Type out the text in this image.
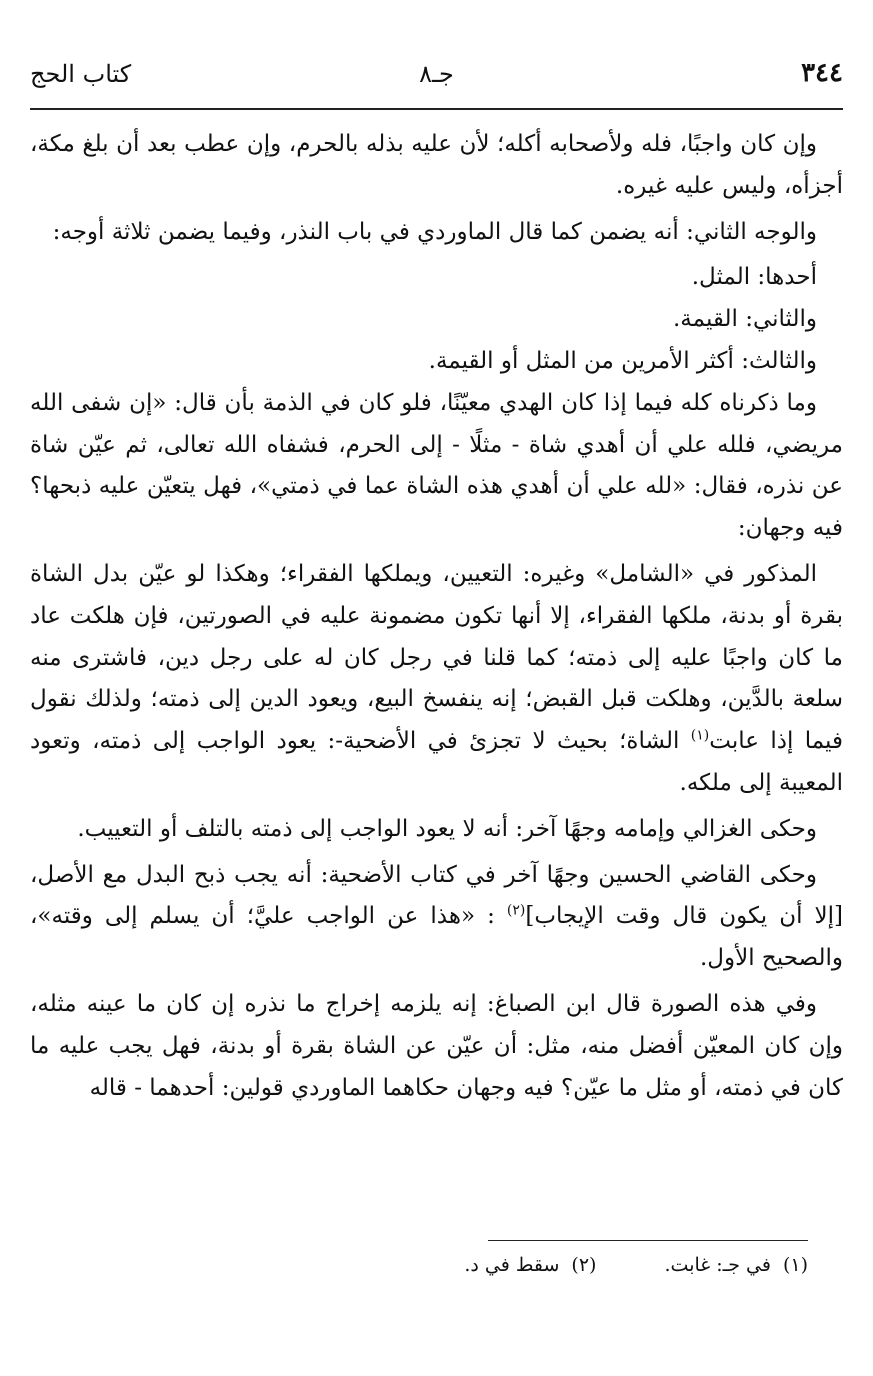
٣٤٤
جـ٨
كتاب الحج

وإن كان واجبًا، فله ولأصحابه أكله؛ لأن عليه بذله بالحرم، وإن عطب بعد أن بلغ مكة، أجزأه، وليس عليه غيره.

والوجه الثاني: أنه يضمن كما قال الماوردي في باب النذر، وفيما يضمن ثلاثة أوجه:

أحدها: المثل.

والثاني: القيمة.

والثالث: أكثر الأمرين من المثل أو القيمة.

وما ذكرناه كله فيما إذا كان الهدي معيّنًا، فلو كان في الذمة بأن قال: «إن شفى الله مريضي، فلله علي أن أهدي شاة - مثلًا - إلى الحرم، فشفاه الله تعالى، ثم عيّن شاة عن نذره، فقال: «لله علي أن أهدي هذه الشاة عما في ذمتي»، فهل يتعيّن عليه ذبحها؟ فيه وجهان:

المذكور في «الشامل» وغيره: التعيين، ويملكها الفقراء؛ وهكذا لو عيّن بدل الشاة بقرة أو بدنة، ملكها الفقراء، إلا أنها تكون مضمونة عليه في الصورتين، فإن هلكت عاد ما كان واجبًا عليه إلى ذمته؛ كما قلنا في رجل كان له على رجل دين، فاشترى منه سلعة بالدَّين، وهلكت قبل القبض؛ إنه ينفسخ البيع، ويعود الدين إلى ذمته؛ ولذلك نقول فيما إذا عابت$^{(١)}$ الشاة؛ بحيث لا تجزئ في الأضحية-: يعود الواجب إلى ذمته، وتعود المعيبة إلى ملكه.

وحكى الغزالي وإمامه وجهًا آخر: أنه لا يعود الواجب إلى ذمته بالتلف أو التعييب.

وحكى القاضي الحسين وجهًا آخر في كتاب الأضحية: أنه يجب ذبح البدل مع الأصل، [إلا أن يكون قال وقت الإيجاب]$^{(٢)}$ : «هذا عن الواجب عليَّ؛ أن يسلم إلى وقته»، والصحيح الأول.

وفي هذه الصورة قال ابن الصباغ: إنه يلزمه إخراج ما نذره إن كان ما عينه مثله، وإن كان المعيّن أفضل منه، مثل: أن عيّن عن الشاة بقرة أو بدنة، فهل يجب عليه ما كان في ذمته، أو مثل ما عيّن؟ فيه وجهان حكاهما الماوردي قولين: أحدهما - قاله

(١)في جـ: غابت. (٢)سقط في د.
